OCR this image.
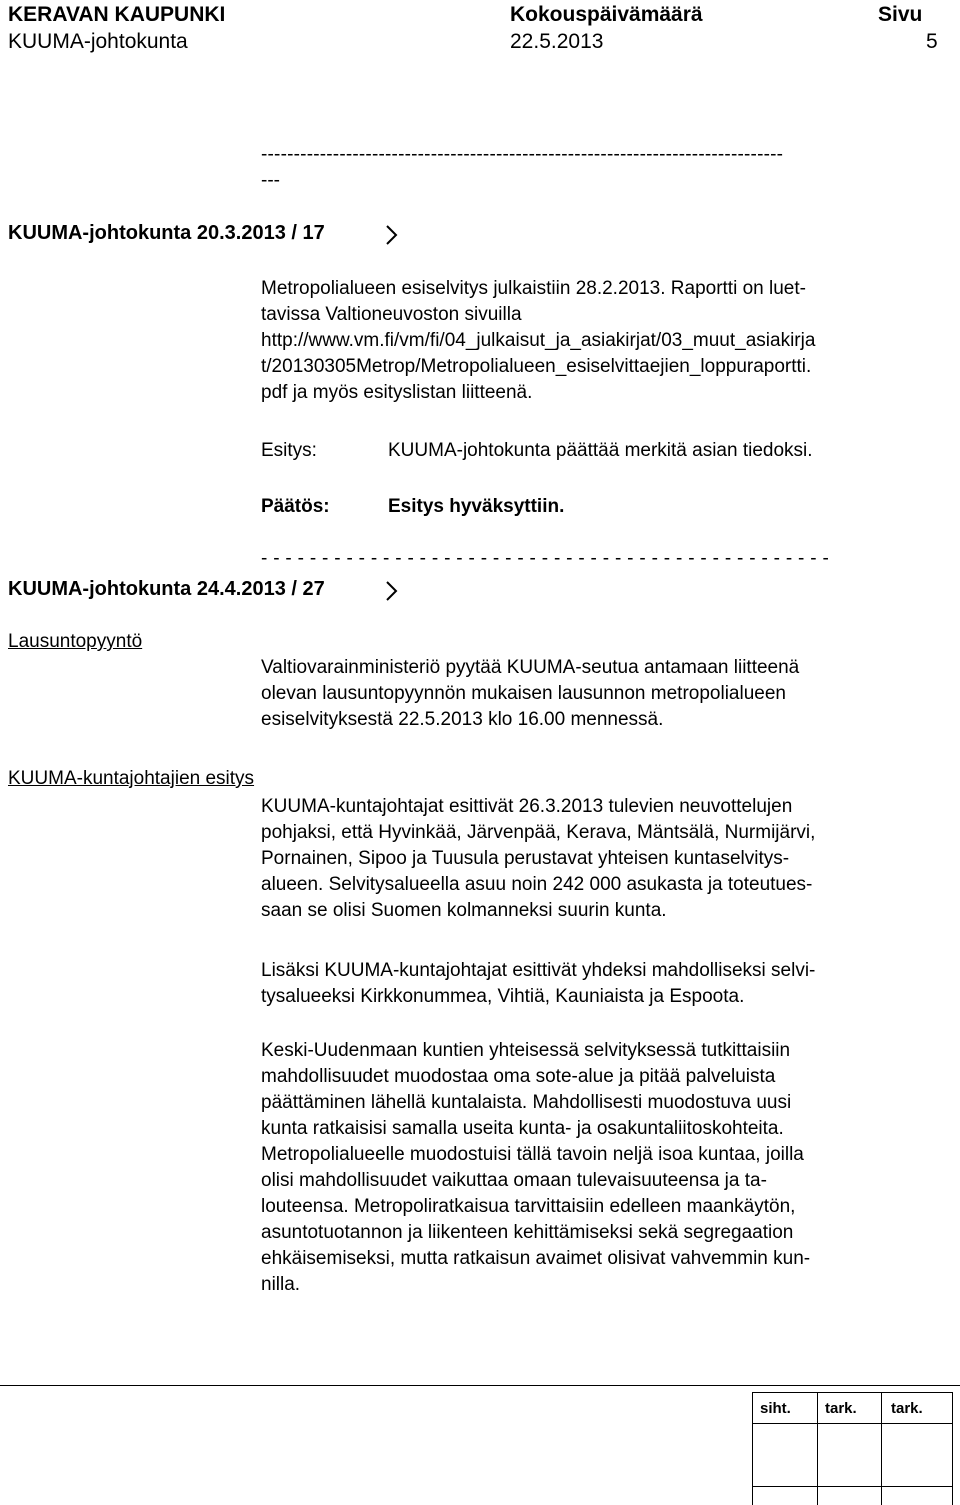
KERAVAN KAUPUNKI	Kokouspäivämäärä	Sivu
KUUMA-johtokunta	22.5.2013	5
--------------------------------------------------------------------------------
---
KUUMA-johtokunta 20.3.2013 / 17
Metropolialueen esiselvitys julkaistiin 28.2.2013. Raportti on luet-
tavissa Valtioneuvoston sivuilla
http://www.vm.fi/vm/fi/04_julkaisut_ja_asiakirjat/03_muut_asiakirja
t/20130305Metrop/Metropolialueen_esiselvittaejien_loppuraportti.
pdf ja myös esityslistan liitteenä.
Esitys:	KUUMA-johtokunta päättää merkitä asian tiedoksi.
Päätös:	Esitys hyväksyttiin.
- - - - - - - - - - - - - - - - - - - - - - - - - - - - - - - - - - - - - - - - - - - - - - -
KUUMA-johtokunta 24.4.2013 / 27
Lausuntopyyntö
Valtiovarainministeriö pyytää KUUMA-seutua antamaan liitteenä
olevan lausuntopyynnön mukaisen lausunnon metropolialueen
esiselvityksestä 22.5.2013 klo 16.00 mennessä.
KUUMA-kuntajohtajien esitys
KUUMA-kuntajohtajat esittivät 26.3.2013 tulevien neuvottelujen
pohjaksi, että Hyvinkää, Järvenpää, Kerava, Mäntsälä, Nurmijärvi,
Pornainen, Sipoo ja Tuusula perustavat yhteisen kuntaselvitys-
alueen. Selvitysalueella asuu noin 242 000 asukasta ja toteutues-
saan se olisi Suomen kolmanneksi suurin kunta.
Lisäksi KUUMA-kuntajohtajat esittivät yhdeksi mahdolliseksi selvi-
tysalueeksi Kirkkonummea, Vihtiä, Kauniaista ja Espoota.
Keski-Uudenmaan kuntien yhteisessä selvityksessä tutkittaisiin
mahdollisuudet muodostaa oma sote-alue ja pitää palveluista
päättäminen lähellä kuntalaista. Mahdollisesti muodostuva uusi
kunta ratkaisisi samalla useita kunta- ja osakuntaliitoskohteita.
Metropolialueelle muodostuisi tällä tavoin neljä isoa kuntaa, joilla
olisi mahdollisuudet vaikuttaa omaan tulevaisuuteensa ja ta-
louteensa. Metropoliratkaisua tarvittaisiin edelleen maankäytön,
asuntotuotannon ja liikenteen kehittämiseksi sekä segregaation
ehkäisemiseksi, mutta ratkaisun avaimet olisivat vahvemmin kun-
nilla.
siht. tark. tark.
